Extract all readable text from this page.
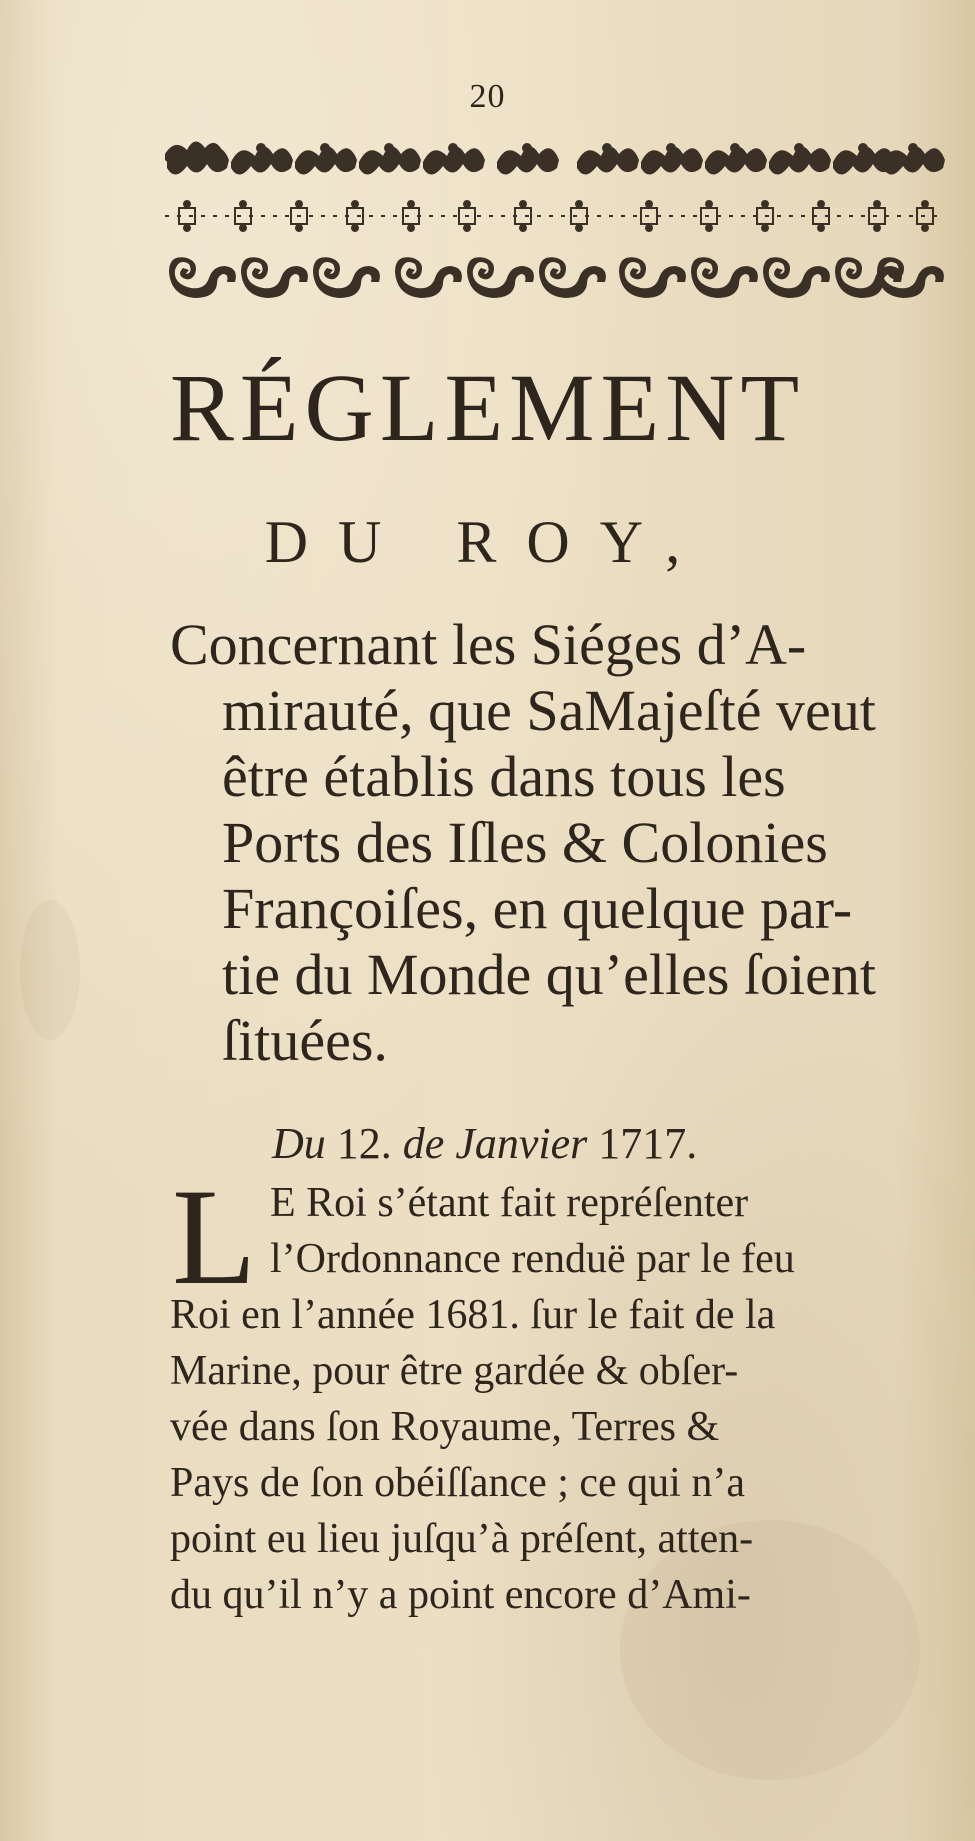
20
RÉGLEMENT
DU ROY,
Concernant les Siéges d’A-
mirauté, que SaMajeſté veut
être établis dans tous les
Ports des Iſles & Colonies
Françoiſes, en quelque par-
tie du Monde qu’elles ſoient
ſituées.
Du 12. de Janvier 1717.
L E Roi s’étant fait repréſenter
l’Ordonnance renduë par le feu
Roi en l’année 1681. ſur le fait de la
Marine, pour être gardée & obſer-
vée dans ſon Royaume, Terres &
Pays de ſon obéiſſance ; ce qui n’a
point eu lieu juſqu’à préſent, atten-
du qu’il n’y a point encore d’Ami-
